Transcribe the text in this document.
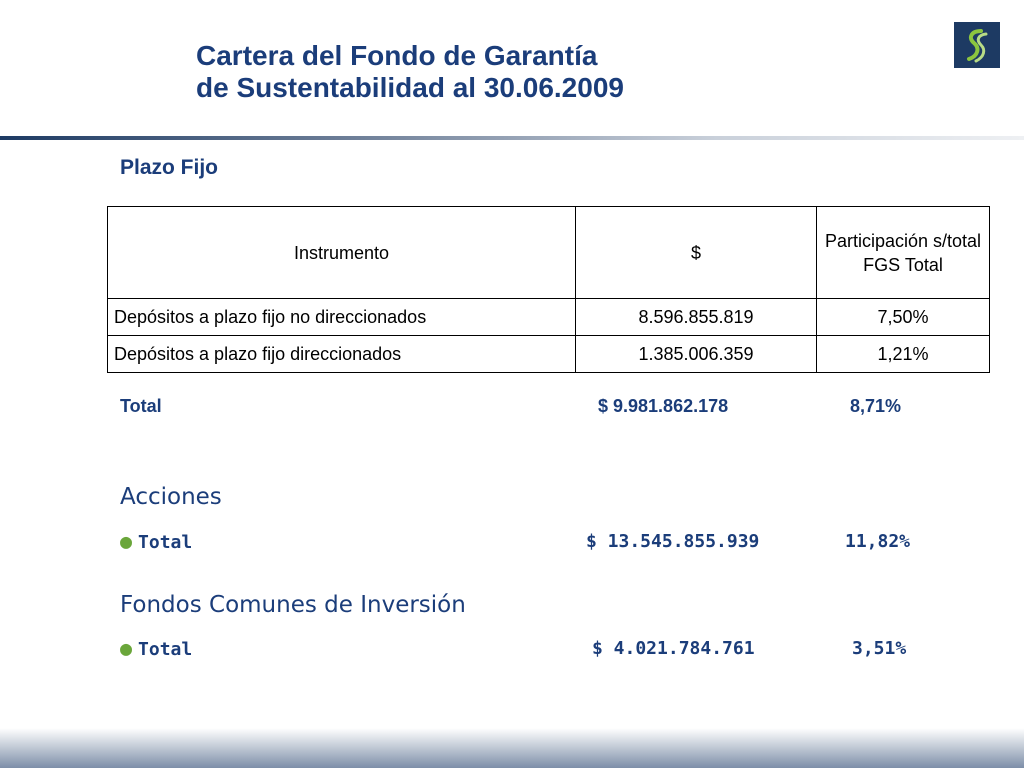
Cartera del Fondo de Garantía
de Sustentabilidad al 30.06.2009
Plazo Fijo
Instrumento	$	Participación s/total FGS Total
Depósitos a plazo fijo no direccionados	8.596.855.819	7,50%
Depósitos a plazo fijo direccionados	1.385.006.359	1,21%
Total	$ 9.981.862.178	8,71%
Acciones
● Total	$ 13.545.855.939	11,82%
Fondos Comunes de Inversión
● Total	$ 4.021.784.761	3,51%
